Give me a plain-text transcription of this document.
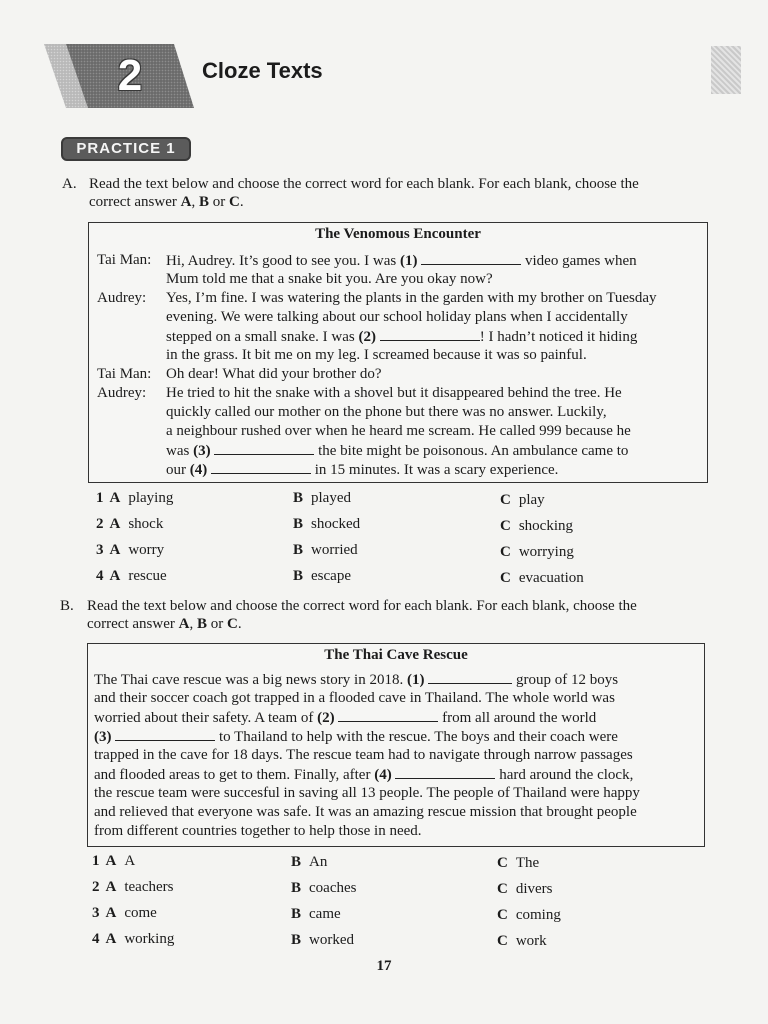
2	Cloze Texts
PRACTICE 1
A. Read the text below and choose the correct word for each blank. For each blank, choose the
correct answer A, B or C.
The Venomous Encounter
Tai Man: Hi, Audrey. It’s good to see you. I was (1)	video games when
Mum told me that a snake bit you. Are you okay now?
Audrey: Yes, I’m fine. I was watering the plants in the garden with my brother on Tuesday
evening. We were talking about our school holiday plans when I accidentally
stepped on a small snake. I was (2)	! I hadn’t noticed it hiding
in the grass. It bit me on my leg. I screamed because it was so painful.
Tai Man: Oh dear! What did your brother do?
Audrey: He tried to hit the snake with a shovel but it disappeared behind the tree. He
quickly called our mother on the phone but there was no answer. Luckily,
a neighbour rushed over when he heard me scream. He called 999 because he
was (3)	the bite might be poisonous. An ambulance came to
our (4)	in 15 minutes. It was a scary experience.
1 A playing	B played	C play
2 A shock	B shocked	C shocking
3 A worry	B worried	C worrying
4 A rescue	B escape	C evacuation
B. Read the text below and choose the correct word for each blank. For each blank, choose the
correct answer A, B or C.
The Thai Cave Rescue
The Thai cave rescue was a big news story in 2018. (1)	group of 12 boys
and their soccer coach got trapped in a flooded cave in Thailand. The whole world was
worried about their safety. A team of (2)	from all around the world
(3)	to Thailand to help with the rescue. The boys and their coach were
trapped in the cave for 18 days. The rescue team had to navigate through narrow passages
and flooded areas to get to them. Finally, after (4)	hard around the clock,
the rescue team were succesful in saving all 13 people. The people of Thailand were happy
and relieved that everyone was safe. It was an amazing rescue mission that brought people
from different countries together to help those in need.
1 A A	B An	C The
2 A teachers	B coaches	C divers
3 A come	B came	C coming
4 A working	B worked	C work
17
